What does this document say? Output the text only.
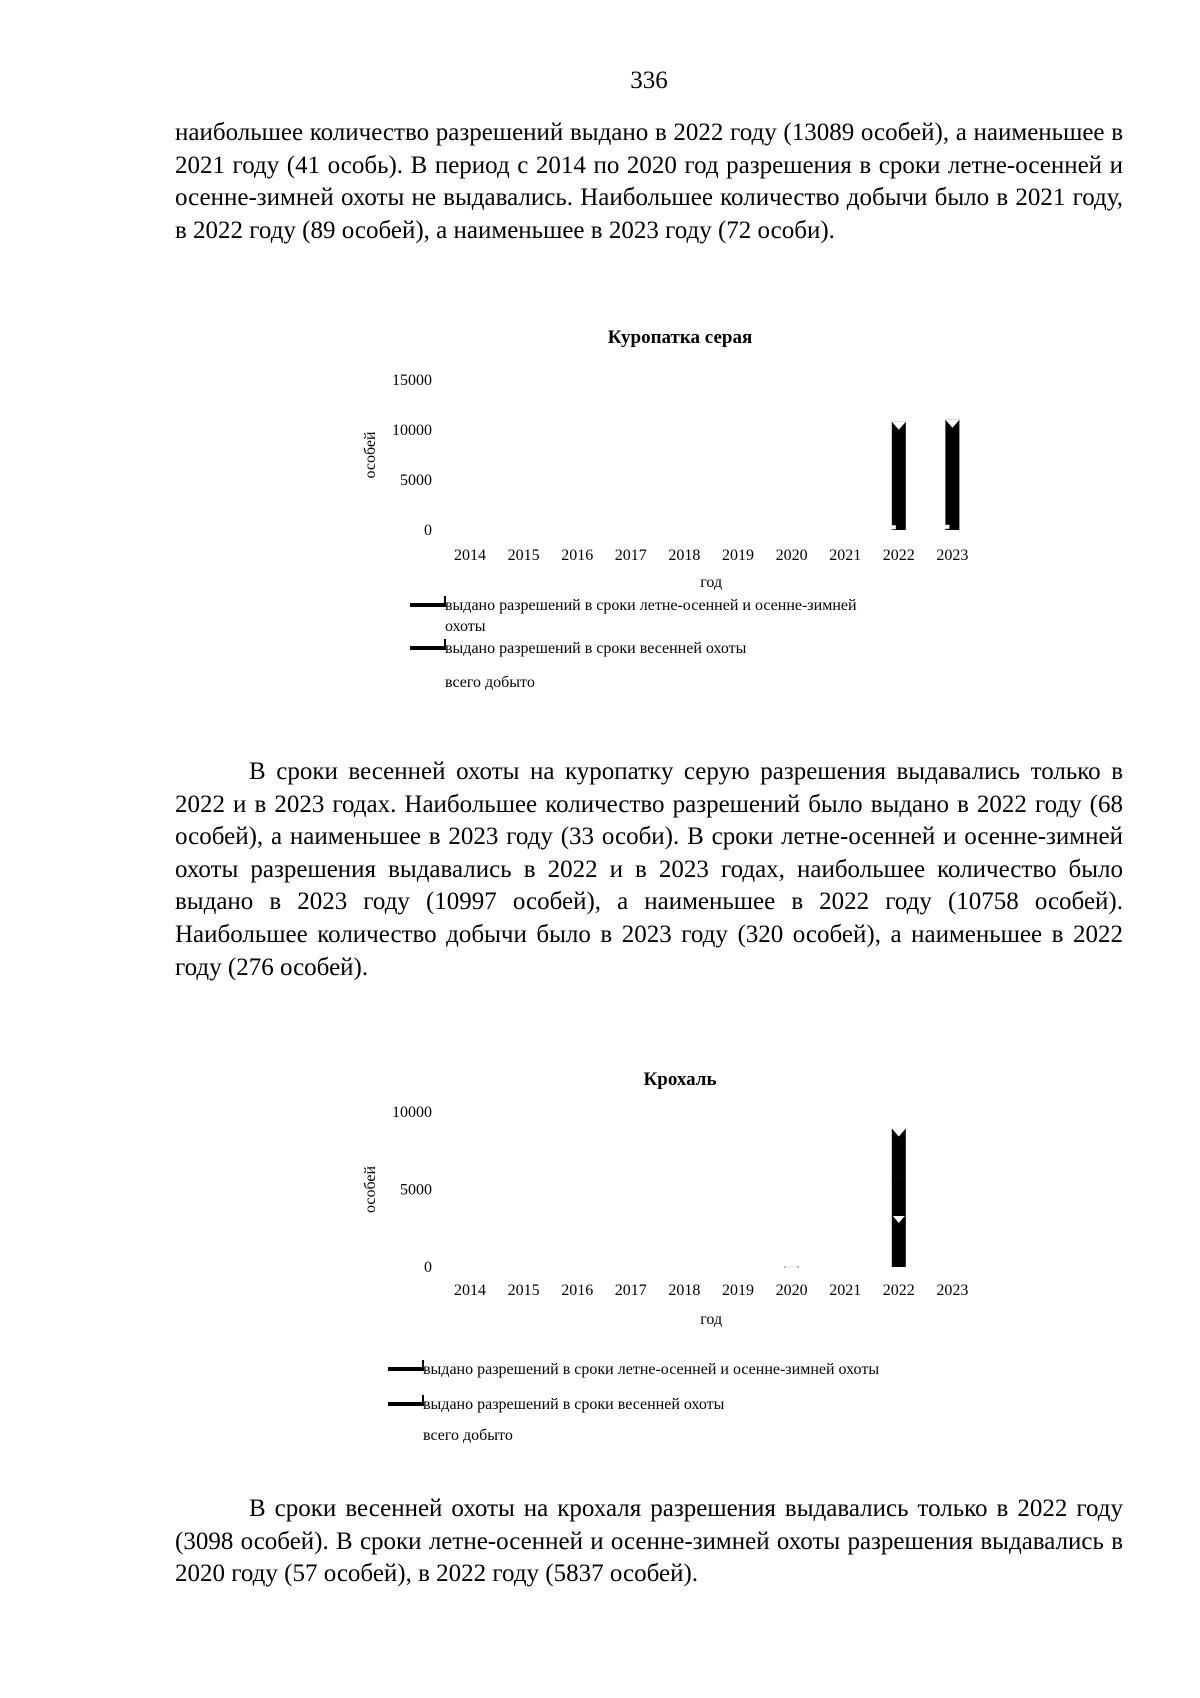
336

наибольшее количество разрешений выдано в 2022 году (13089 особей), а наименьшее в 2021 году (41 особь). В период с 2014 по 2020 год разрешения в сроки летне-осенней и осенне-зимней охоты не выдавались. Наибольшее количество добычи было в 2021 году, в 2022 году (89 особей), а наименьшее в 2023 году (72 особи).

Куропатка серая
15000
10000
5000
0
особей
2014 2015 2016 2017 2018 2019 2020 2021 2022 2023
год
выдано разрешений в сроки летне-осенней и осенне-зимней охоты
выдано разрешений в сроки весенней охоты
всего добыто

В сроки весенней охоты на куропатку серую разрешения выдавались только в 2022 и в 2023 годах. Наибольшее количество разрешений было выдано в 2022 году (68 особей), а наименьшее в 2023 году (33 особи). В сроки летне-осенней и осенне-зимней охоты разрешения выдавались в 2022 и в 2023 годах, наибольшее количество было выдано в 2023 году (10997 особей), а наименьшее в 2022 году (10758 особей). Наибольшее количество добычи было в 2023 году (320 особей), а наименьшее в 2022 году (276 особей).

Крохаль
10000
5000
0
особей
2014 2015 2016 2017 2018 2019 2020 2021 2022 2023
год
выдано разрешений в сроки летне-осенней и осенне-зимней охоты
выдано разрешений в сроки весенней охоты
всего добыто

В сроки весенней охоты на крохаля разрешения выдавались только в 2022 году (3098 особей). В сроки летне-осенней и осенне-зимней охоты разрешения выдавались в 2020 году (57 особей), в 2022 году (5837 особей).
